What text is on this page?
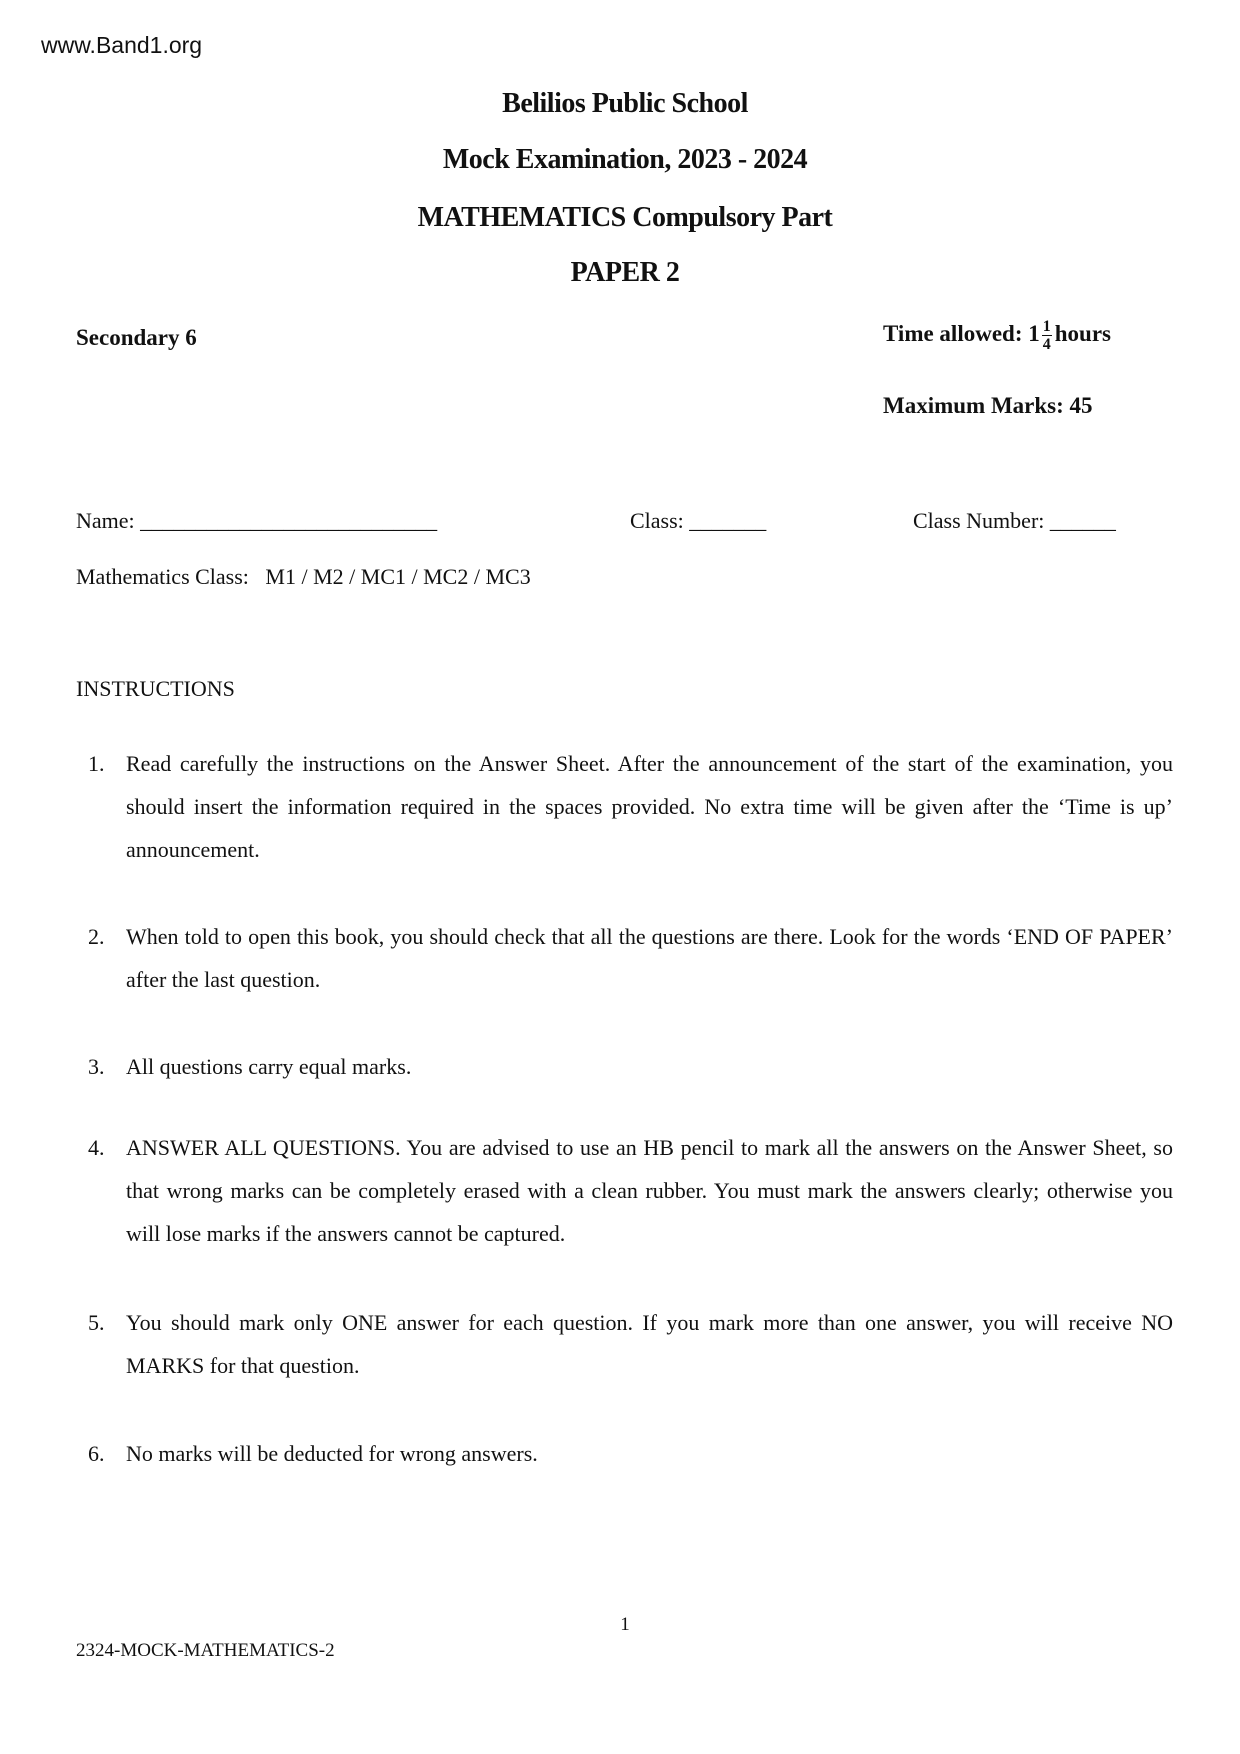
www.Band1.org
Belilios Public School
Mock Examination, 2023 - 2024
MATHEMATICS Compulsory Part
PAPER 2
Secondary 6	Time allowed: $1 \frac{1}{4}$ hours
Maximum Marks: 45
Name: ___________________________	Class: _______	Class Number: ______
Mathematics Class:   M1 / M2 / MC1 / MC2 / MC3
INSTRUCTIONS
1. Read carefully the instructions on the Answer Sheet. After the announcement of the start of the examination, you should insert the information required in the spaces provided. No extra time will be given after the ‘Time is up’ announcement.
2. When told to open this book, you should check that all the questions are there. Look for the words ‘END OF PAPER’ after the last question.
3. All questions carry equal marks.
4. ANSWER ALL QUESTIONS. You are advised to use an HB pencil to mark all the answers on the Answer Sheet, so that wrong marks can be completely erased with a clean rubber. You must mark the answers clearly; otherwise you will lose marks if the answers cannot be captured.
5. You should mark only ONE answer for each question. If you mark more than one answer, you will receive NO MARKS for that question.
6. No marks will be deducted for wrong answers.
1
2324-MOCK-MATHEMATICS-2
